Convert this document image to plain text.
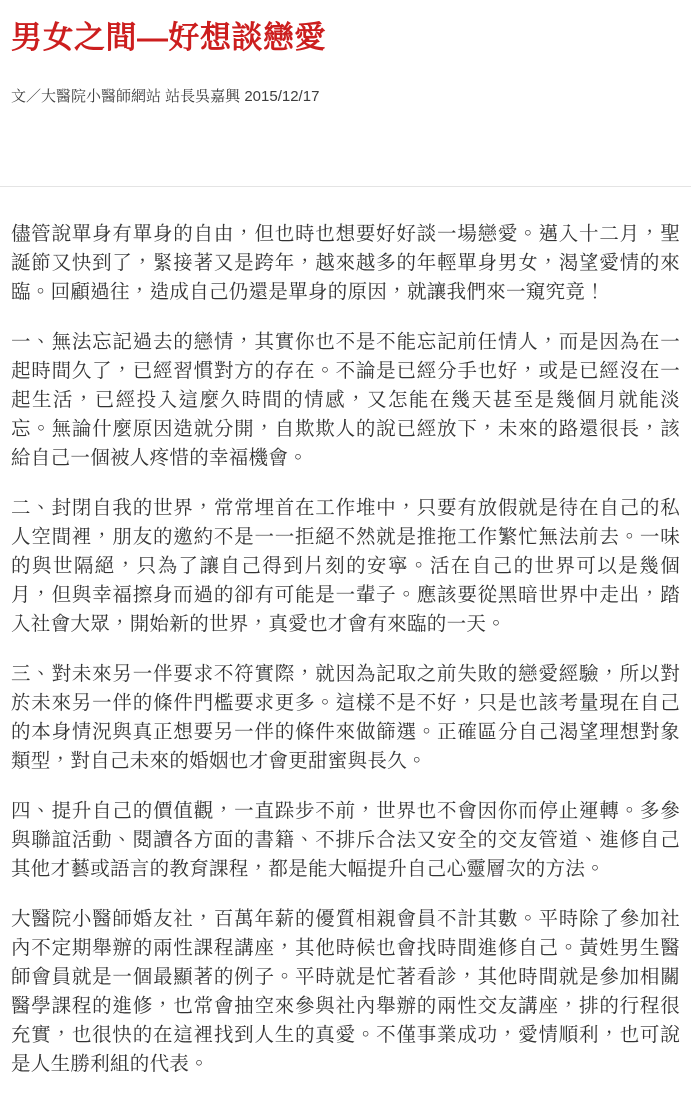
男女之間—好想談戀愛
文／大醫院小醫師網站 站長吳嘉興 2015/12/17

儘管說單身有單身的自由，但也時也想要好好談一場戀愛。邁入十二月，聖誕節又快到了，緊接著又是跨年，越來越多的年輕單身男女，渴望愛情的來臨。回顧過往，造成自己仍還是單身的原因，就讓我們來一窺究竟！

一、無法忘記過去的戀情，其實你也不是不能忘記前任情人，而是因為在一起時間久了，已經習慣對方的存在。不論是已經分手也好，或是已經沒在一起生活，已經投入這麼久時間的情感，又怎能在幾天甚至是幾個月就能淡忘。無論什麼原因造就分開，自欺欺人的說已經放下，未來的路還很長，該給自己一個被人疼惜的幸福機會。

二、封閉自我的世界，常常埋首在工作堆中，只要有放假就是待在自己的私人空間裡，朋友的邀約不是一一拒絕不然就是推拖工作繁忙無法前去。一味的與世隔絕，只為了讓自己得到片刻的安寧。活在自己的世界可以是幾個月，但與幸福擦身而過的卻有可能是一輩子。應該要從黑暗世界中走出，踏入社會大眾，開始新的世界，真愛也才會有來臨的一天。

三、對未來另一伴要求不符實際，就因為記取之前失敗的戀愛經驗，所以對於未來另一伴的條件門檻要求更多。這樣不是不好，只是也該考量現在自己的本身情況與真正想要另一伴的條件來做篩選。正確區分自己渴望理想對象類型，對自己未來的婚姻也才會更甜蜜與長久。

四、提升自己的價值觀，一直跺步不前，世界也不會因你而停止運轉。多參與聯誼活動、閱讀各方面的書籍、不排斥合法又安全的交友管道、進修自己其他才藝或語言的教育課程，都是能大幅提升自己心靈層次的方法。

大醫院小醫師婚友社，百萬年薪的優質相親會員不計其數。平時除了參加社內不定期舉辦的兩性課程講座，其他時候也會找時間進修自己。黃姓男生醫師會員就是一個最顯著的例子。平時就是忙著看診，其他時間就是參加相關醫學課程的進修，也常會抽空來參與社內舉辦的兩性交友講座，排的行程很充實，也很快的在這裡找到人生的真愛。不僅事業成功，愛情順利，也可說是人生勝利組的代表。
